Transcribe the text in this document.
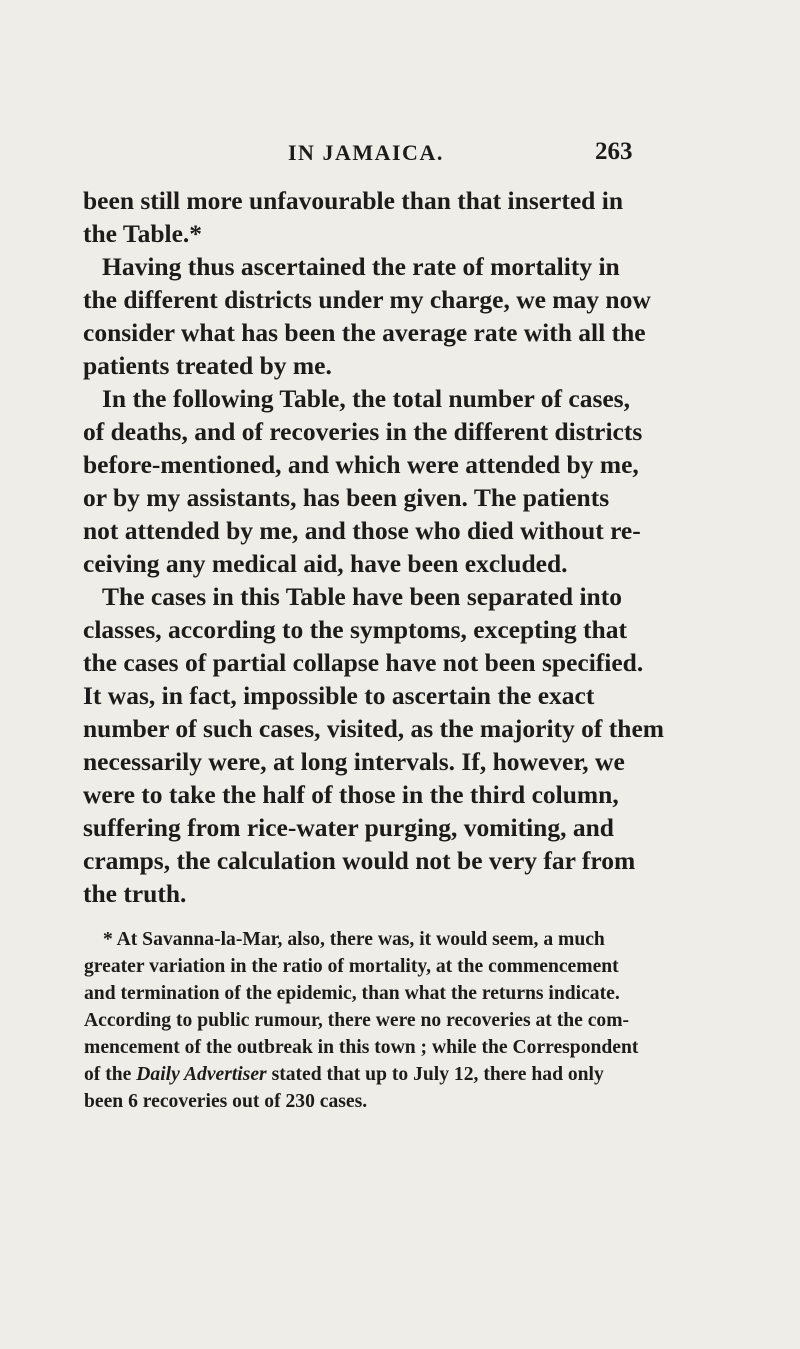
IN JAMAICA.	263
been still more unfavourable than that inserted in
the Table.*
Having thus ascertained the rate of mortality in
the different districts under my charge, we may now
consider what has been the average rate with all the
patients treated by me.
In the following Table, the total number of cases,
of deaths, and of recoveries in the different districts
before-mentioned, and which were attended by me,
or by my assistants, has been given. The patients
not attended by me, and those who died without re-
ceiving any medical aid, have been excluded.
The cases in this Table have been separated into
classes, according to the symptoms, excepting that
the cases of partial collapse have not been specified.
It was, in fact, impossible to ascertain the exact
number of such cases, visited, as the majority of them
necessarily were, at long intervals. If, however, we
were to take the half of those in the third column,
suffering from rice-water purging, vomiting, and
cramps, the calculation would not be very far from
the truth.
* At Savanna-la-Mar, also, there was, it would seem, a much
greater variation in the ratio of mortality, at the commencement
and termination of the epidemic, than what the returns indicate.
According to public rumour, there were no recoveries at the com-
mencement of the outbreak in this town ; while the Correspondent
of the Daily Advertiser stated that up to July 12, there had only
been 6 recoveries out of 230 cases.
